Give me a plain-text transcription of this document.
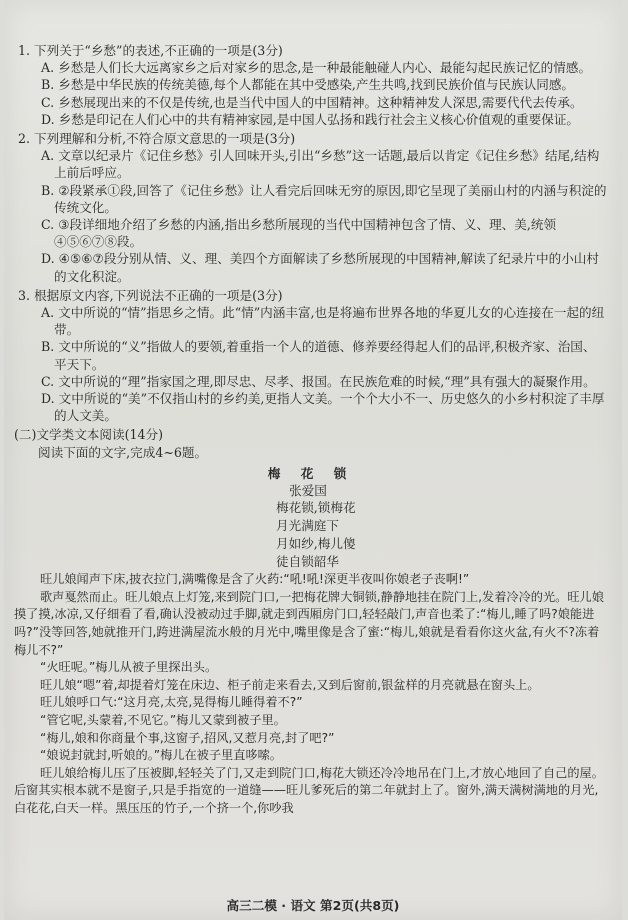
1. 下列关于“乡愁”的表述,不正确的一项是(3分)
A. 乡愁是人们长大远离家乡之后对家乡的思念,是一种最能触碰人内心、最能勾起民族记忆的情感。
B. 乡愁是中华民族的传统美德,每个人都能在其中受感染,产生共鸣,找到民族价值与民族认同感。
C. 乡愁展现出来的不仅是传统,也是当代中国人的中国精神。这种精神发人深思,需要代代去传承。
D. 乡愁是印记在人们心中的共有精神家园,是中国人弘扬和践行社会主义核心价值观的重要保证。
2. 下列理解和分析,不符合原文意思的一项是(3分)
A. 文章以纪录片《记住乡愁》引人回味开头,引出“乡愁”这一话题,最后以肯定《记住乡愁》结尾,结构上前后呼应。
B. ②段紧承①段,回答了《记住乡愁》让人看完后回味无穷的原因,即它呈现了美丽山村的内涵与积淀的传统文化。
C. ③段详细地介绍了乡愁的内涵,指出乡愁所展现的当代中国精神包含了情、义、理、美,统领④⑤⑥⑦⑧段。
D. ④⑤⑥⑦段分别从情、义、理、美四个方面解读了乡愁所展现的中国精神,解读了纪录片中的小山村的文化积淀。
3. 根据原文内容,下列说法不正确的一项是(3分)
A. 文中所说的“情”指思乡之情。此“情”内涵丰富,也是将遍布世界各地的华夏儿女的心连接在一起的纽带。
B. 文中所说的“义”指做人的要领,着重指一个人的道德、修养要经得起人们的品评,积极齐家、治国、平天下。
C. 文中所说的“理”指家国之理,即尽忠、尽孝、报国。在民族危难的时候,“理”具有强大的凝聚作用。
D. 文中所说的“美”不仅指山村的乡约美,更指人文美。一个个大小不一、历史悠久的小乡村积淀了丰厚的人文美。
(二)文学类文本阅读(14分)
阅读下面的文字,完成4~6题。
梅 花 锁
张爱国
梅花锁,锁梅花
月光满庭下
月如纱,梅儿傻
徒自锁韶华

旺儿娘闻声下床,披衣拉门,满嘴像是含了火药:“吼!吼!深更半夜叫你娘老子丧啊!”

歌声戛然而止。旺儿娘点上灯笼,来到院门口,一把梅花牌大铜锁,静静地挂在院门上,发着冷冷的光。旺儿娘摸了摸,冰凉,又仔细看了看,确认没被动过手脚,就走到西厢房门口,轻轻敲门,声音也柔了:“梅儿,睡了吗?娘能进吗?”没等回答,她就推开门,跨进满屋流水般的月光中,嘴里像是含了蜜:“梅儿,娘就是看看你这火盆,有火不?冻着梅儿不?”

“火旺呢。”梅儿从被子里探出头。

旺儿娘“嗯”着,却提着灯笼在床边、柜子前走来看去,又到后窗前,银盆样的月亮就悬在窗头上。

旺儿娘呼口气:“这月亮,太亮,晃得梅儿睡得着不?”

“管它呢,头蒙着,不见它。”梅儿又蒙到被子里。

“梅儿,娘和你商量个事,这窗子,招风,又惹月亮,封了吧?”

“娘说封就封,听娘的。”梅儿在被子里直哆嗦。

旺儿娘给梅儿压了压被脚,轻轻关了门,又走到院门口,梅花大锁还冷冷地吊在门上,才放心地回了自己的屋。后窗其实根本就不是窗子,只是手指宽的一道缝——旺儿爹死后的第二年就封上了。窗外,满天满树满地的月光,白花花,白天一样。黑压压的竹子,一个挤一个,你吵我

高三二模 · 语文 第2页(共8页)
